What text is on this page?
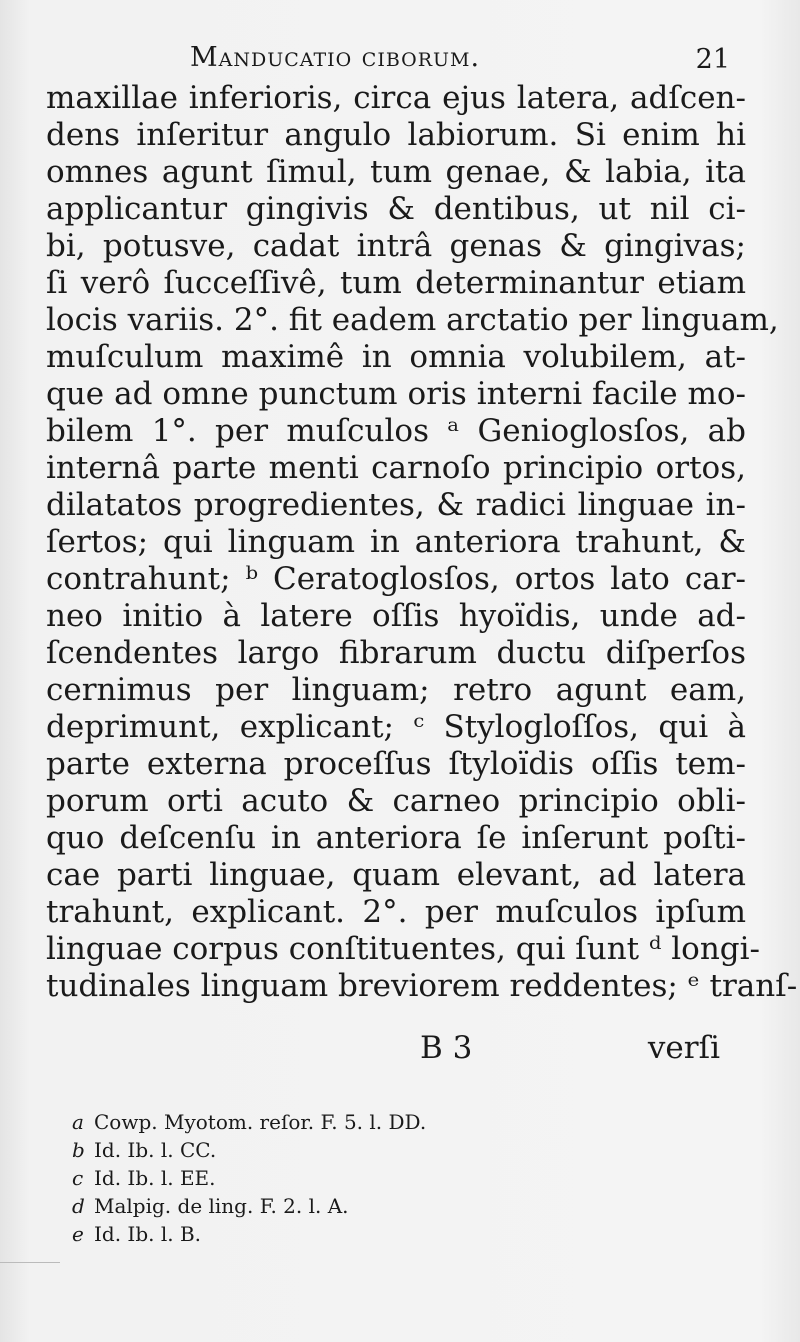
Manducatio ciborum.	21
maxillae inferioris, circa ejus latera, adſcen-
dens inſeritur angulo labiorum. Si enim hi
omnes agunt ſimul, tum genae, & labia, ita
applicantur gingivis & dentibus, ut nil ci-
bi, potusve, cadat intrâ genas & gingivas;
ſi verô ſucceſſivê, tum determinantur etiam
locis variis. 2°. fit eadem arctatio per linguam,
muſculum maximê in omnia volubilem, at-
que ad omne punctum oris interni facile mo-
bilem 1°. per muſculos ᵃ Genioglosſos, ab
internâ parte menti carnoſo principio ortos,
dilatatos progredientes, & radici linguae in-
ſertos; qui linguam in anteriora trahunt, &
contrahunt; ᵇ Ceratoglosſos, ortos lato car-
neo initio à latere oſſis hyoïdis, unde ad-
ſcendentes largo fibrarum ductu diſperſos
cernimus per linguam; retro agunt eam,
deprimunt, explicant; ᶜ Stylogloſſos, qui à
parte externa proceſſus ſtyloïdis oſſis tem-
porum orti acuto & carneo principio obli-
quo deſcenſu in anteriora ſe inſerunt poſti-
cae parti linguae, quam elevant, ad latera
trahunt, explicant. 2°. per muſculos ipſum
linguae corpus conſtituentes, qui ſunt ᵈ longi-
tudinales linguam breviorem reddentes; ᵉ tranſ-
B 3	verſi
a Cowp. Myotom. reſor. F. 5. l. DD.
b Id. Ib. l. CC.
c Id. Ib. l. EE.
d Malpig. de ling. F. 2. l. A.
e Id. Ib. l. B.
